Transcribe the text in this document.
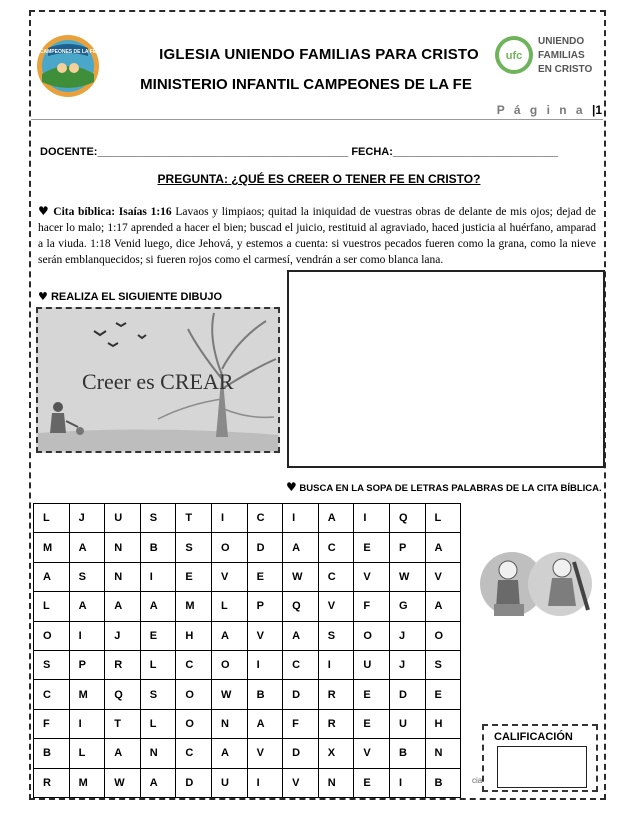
CAMPEONES DE LA FE	IGLESIA UNIENDO FAMILIAS PARA CRISTO
MINISTERIO INFANTIL CAMPEONES DE LA FE
ufc
UNIENDO
FAMILIAS
EN CRISTO
P á g i n a |1
DOCENTE:_________________________________________ FECHA:___________________________
PREGUNTA: ¿QUÉ ES CREER O TENER FE EN CRISTO?
♥ Cita bíblica: Isaías 1:16 Lavaos y limpiaos; quitad la iniquidad de vuestras obras de delante de mis ojos; dejad de hacer lo malo; 1:17 aprended a hacer el bien; buscad el juicio, restituid al agraviado, haced justicia al huérfano, amparad a la viuda. 1:18 Venid luego, dice Jehová, y estemos a cuenta: si vuestros pecados fueren como la grana, como la nieve serán emblanquecidos; si fueren rojos como el carmesí, vendrán a ser como blanca lana.
♥ REALIZA EL SIGUIENTE DIBUJO
Creer es CREAR
♥ BUSCA EN LA SOPA DE LETRAS PALABRAS DE LA CITA BÍBLICA.
L	J	U	S	T	I	C	I	A	I	Q	L
M	A	N	B	S	O	D	A	C	E	P	A
A	S	N	I	E	V	E	W	C	V	W	V
L	A	A	A	M	L	P	Q	V	F	G	A
O	I	J	E	H	A	V	A	S	O	J	O
S	P	R	L	C	O	I	C	I	U	J	S
C	M	Q	S	O	W	B	D	R	E	D	E
F	I	T	L	O	N	A	F	R	E	U	H
B	L	A	N	C	A	V	D	X	V	B	N
R	M	W	A	D	U	I	V	N	E	I	B
CALIFICACIÓN
cia
